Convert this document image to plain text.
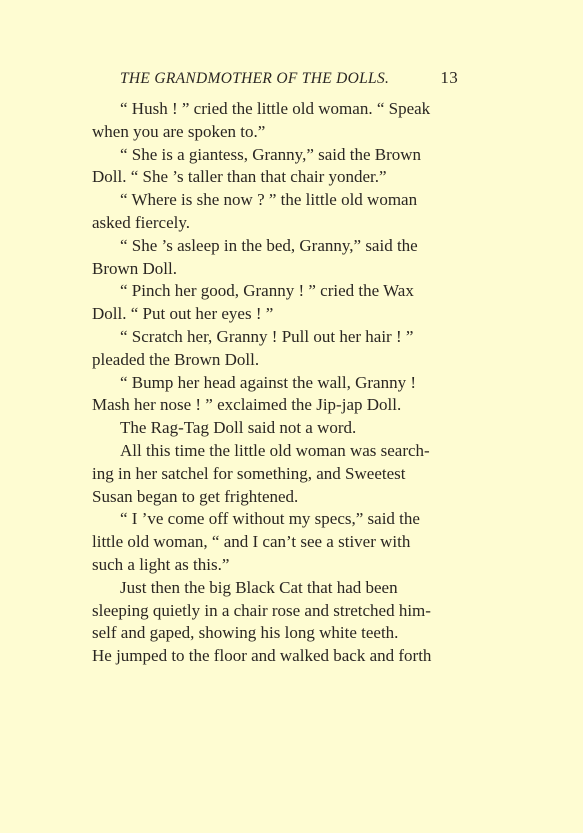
THE GRANDMOTHER OF THE DOLLS.	13
“ Hush ! ” cried the little old woman. “ Speak
when you are spoken to.”
“ She is a giantess, Granny,” said the Brown
Doll. “ She ’s taller than that chair yonder.”
“ Where is she now ? ” the little old woman
asked fiercely.
“ She ’s asleep in the bed, Granny,” said the
Brown Doll.
“ Pinch her good, Granny ! ” cried the Wax
Doll. “ Put out her eyes ! ”
“ Scratch her, Granny ! Pull out her hair ! ”
pleaded the Brown Doll.
“ Bump her head against the wall, Granny !
Mash her nose ! ” exclaimed the Jip-jap Doll.
The Rag-Tag Doll said not a word.
All this time the little old woman was search-
ing in her satchel for something, and Sweetest
Susan began to get frightened.
“ I ’ve come off without my specs,” said the
little old woman, “ and I can’t see a stiver with
such a light as this.”
Just then the big Black Cat that had been
sleeping quietly in a chair rose and stretched him-
self and gaped, showing his long white teeth.
He jumped to the floor and walked back and forth
